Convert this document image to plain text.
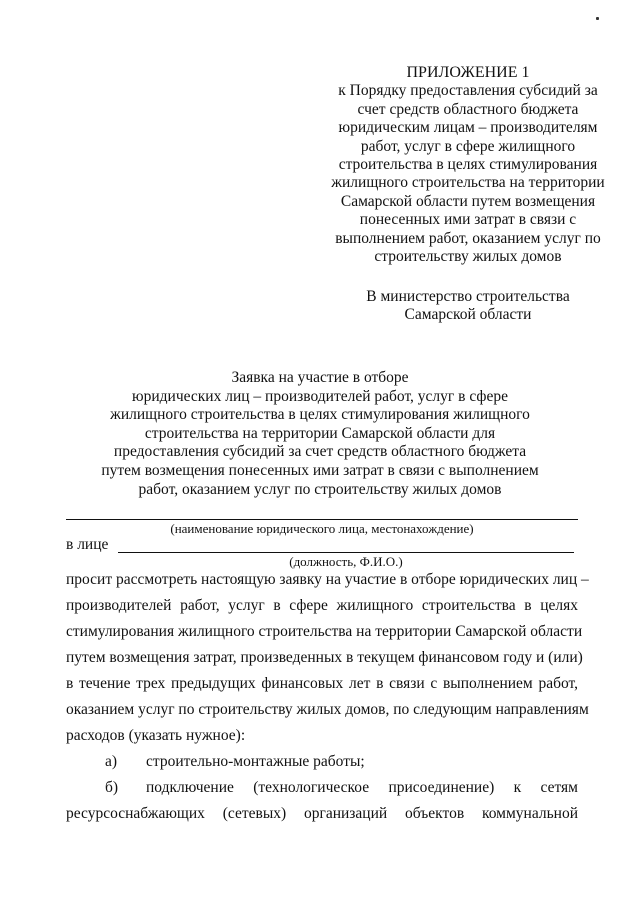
ПРИЛОЖЕНИЕ 1
к Порядку предоставления субсидий за
счет средств областного бюджета
юридическим лицам – производителям
работ, услуг в сфере жилищного
строительства в целях стимулирования
жилищного строительства на территории
Самарской области путем возмещения
понесенных ими затрат в связи с
выполнением работ, оказанием услуг по
строительству жилых домов
В министерство строительства
Самарской области
Заявка на участие в отборе
юридических лиц – производителей работ, услуг в сфере
жилищного строительства в целях стимулирования жилищного
строительства на территории Самарской области для
предоставления субсидий за счет средств областного бюджета
путем возмещения понесенных ими затрат в связи с выполнением
работ, оказанием услуг по строительству жилых домов
(наименование юридического лица, местонахождение)
в лице
(должность, Ф.И.О.)
просит рассмотреть настоящую заявку на участие в отборе юридических лиц –
производителей работ, услуг в сфере жилищного строительства в целях
стимулирования жилищного строительства на территории Самарской области
путем возмещения затрат, произведенных в текущем финансовом году и (или)
в течение трех предыдущих финансовых лет в связи с выполнением работ,
оказанием услуг по строительству жилых домов, по следующим направлениям
расходов (указать нужное):
а) строительно-монтажные работы;
б) подключение (технологическое присоединение) к сетям
ресурсоснабжающих (сетевых) организаций объектов коммунальной
